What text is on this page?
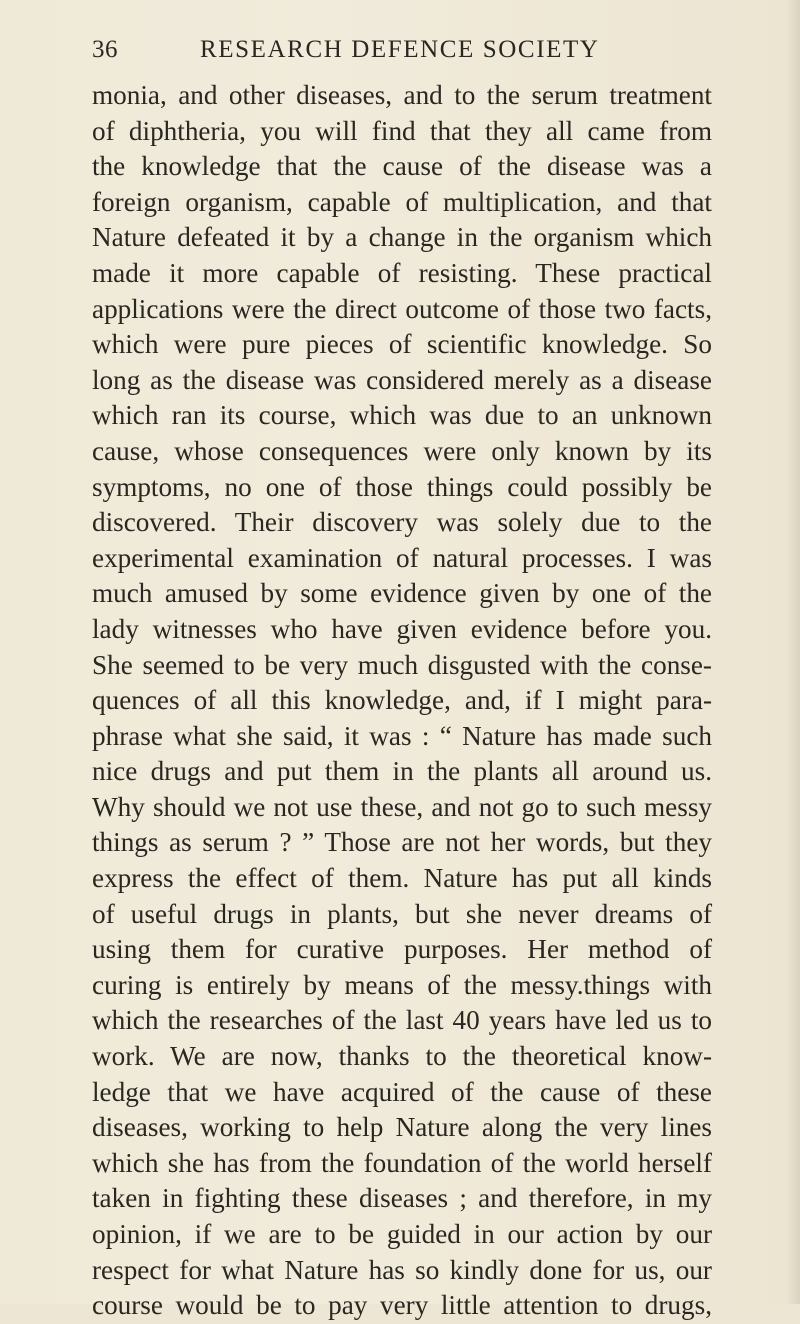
36	RESEARCH DEFENCE SOCIETY
monia, and other diseases, and to the serum treatment
of diphtheria, you will find that they all came from
the knowledge that the cause of the disease was a
foreign organism, capable of multiplication, and that
Nature defeated it by a change in the organism which
made it more capable of resisting. These practical
applications were the direct outcome of those two facts,
which were pure pieces of scientific knowledge. So
long as the disease was considered merely as a disease
which ran its course, which was due to an unknown
cause, whose consequences were only known by its
symptoms, no one of those things could possibly be
discovered. Their discovery was solely due to the
experimental examination of natural processes. I was
much amused by some evidence given by one of the
lady witnesses who have given evidence before you.
She seemed to be very much disgusted with the conse-
quences of all this knowledge, and, if I might para-
phrase what she said, it was : “ Nature has made such
nice drugs and put them in the plants all around us.
Why should we not use these, and not go to such messy
things as serum ? ” Those are not her words, but they
express the effect of them. Nature has put all kinds
of useful drugs in plants, but she never dreams of
using them for curative purposes. Her method of
curing is entirely by means of the messy.things with
which the researches of the last 40 years have led us to
work. We are now, thanks to the theoretical know-
ledge that we have acquired of the cause of these
diseases, working to help Nature along the very lines
which she has from the foundation of the world herself
taken in fighting these diseases ; and therefore, in my
opinion, if we are to be guided in our action by our
respect for what Nature has so kindly done for us, our
course would be to pay very little attention to drugs,
